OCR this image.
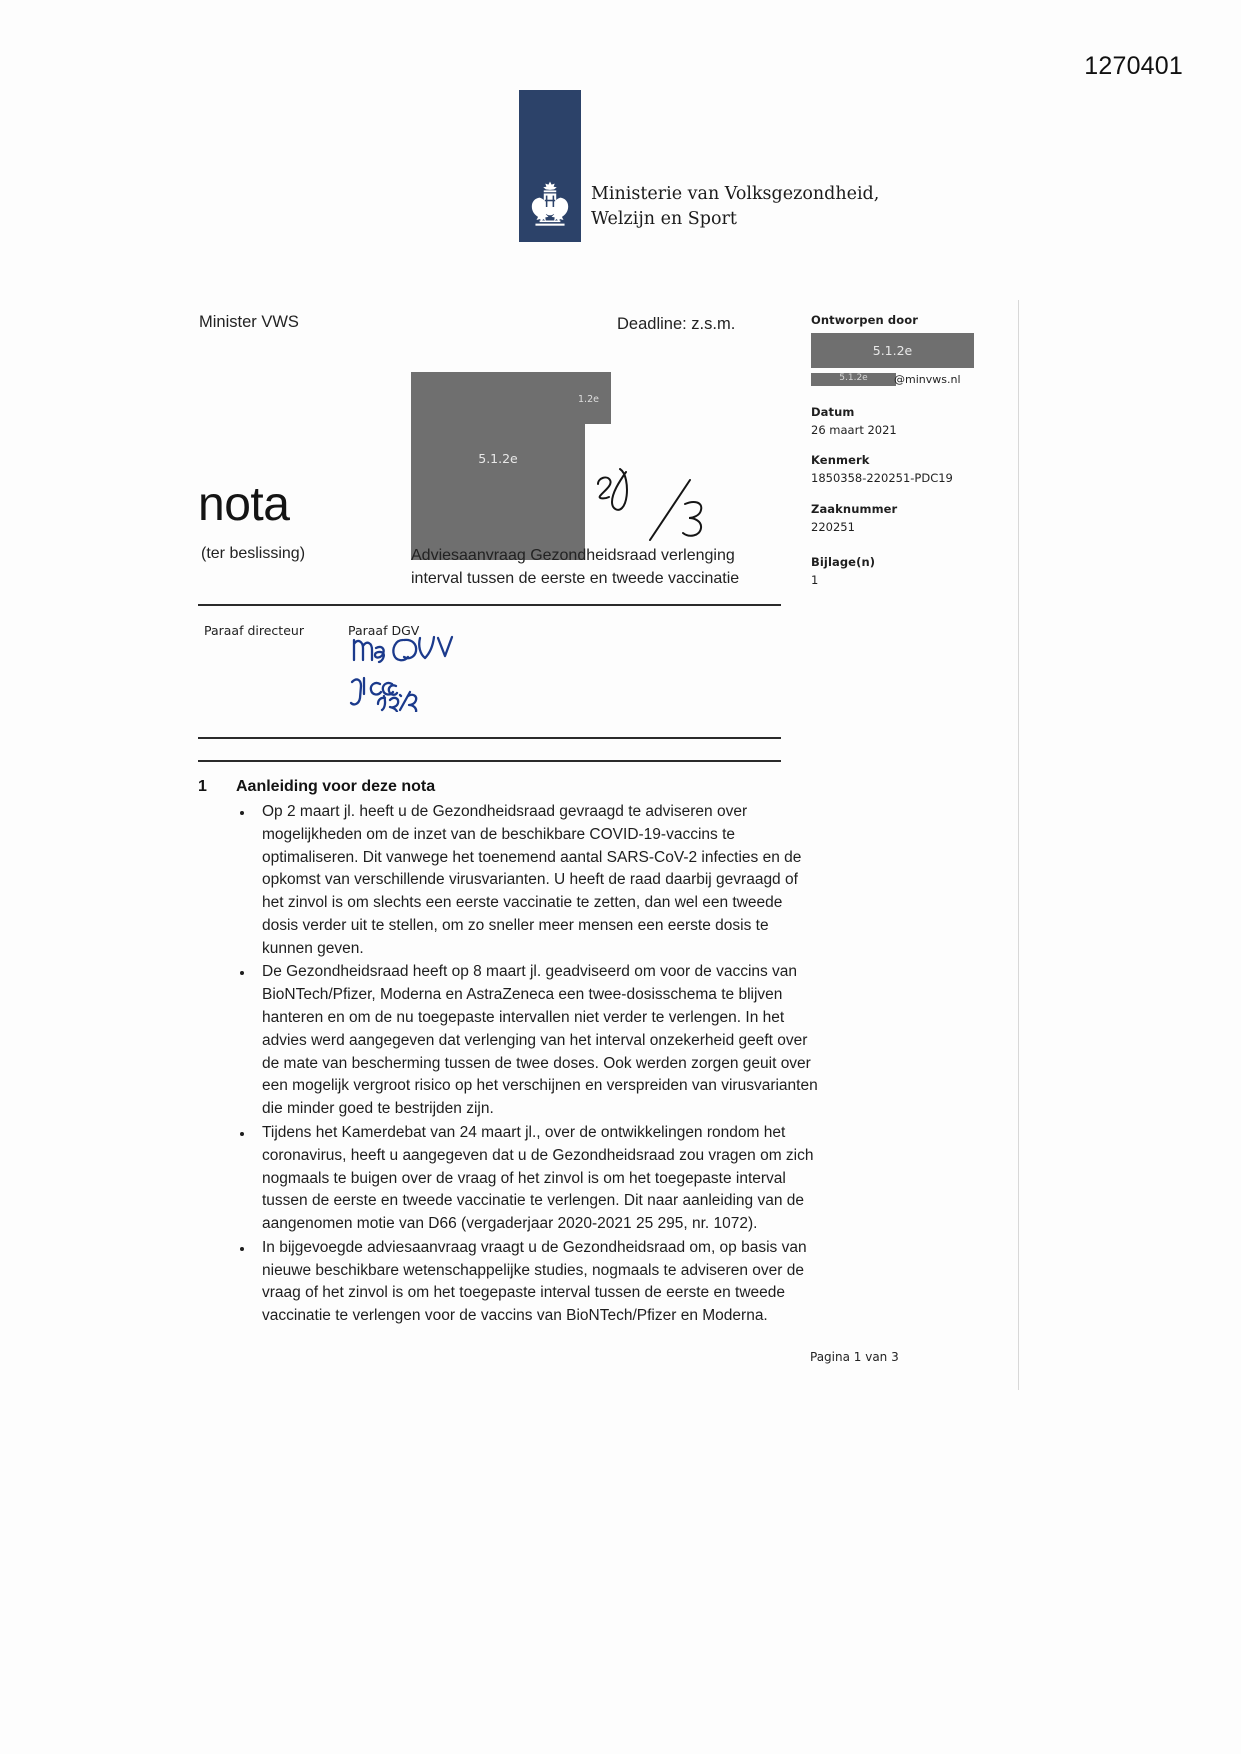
1270401
Ministerie van Volksgezondheid,
Welzijn en Sport
Minister VWS	Deadline: z.s.m.	Ontworpen door
5.1.2e
5.1.2e	@minvws.nl
Datum
26 maart 2021
Kenmerk
1850358-220251-PDC19
Zaaknummer
220251
Bijlage(n)
1
1.2e
5.1.2e
nota
(ter beslissing)	Adviesaanvraag Gezondheidsraad verlenging interval tussen de eerste en tweede vaccinatie
Paraaf directeur	Paraaf DGV
1	Aanleiding voor deze nota
Op 2 maart jl. heeft u de Gezondheidsraad gevraagd te adviseren over mogelijkheden om de inzet van de beschikbare COVID-19-vaccins te optimaliseren. Dit vanwege het toenemend aantal SARS-CoV-2 infecties en de opkomst van verschillende virusvarianten. U heeft de raad daarbij gevraagd of het zinvol is om slechts een eerste vaccinatie te zetten, dan wel een tweede dosis verder uit te stellen, om zo sneller meer mensen een eerste dosis te kunnen geven.
De Gezondheidsraad heeft op 8 maart jl. geadviseerd om voor de vaccins van BioNTech/Pfizer, Moderna en AstraZeneca een twee-dosisschema te blijven hanteren en om de nu toegepaste intervallen niet verder te verlengen. In het advies werd aangegeven dat verlenging van het interval onzekerheid geeft over de mate van bescherming tussen de twee doses. Ook werden zorgen geuit over een mogelijk vergroot risico op het verschijnen en verspreiden van virusvarianten die minder goed te bestrijden zijn.
Tijdens het Kamerdebat van 24 maart jl., over de ontwikkelingen rondom het coronavirus, heeft u aangegeven dat u de Gezondheidsraad zou vragen om zich nogmaals te buigen over de vraag of het zinvol is om het toegepaste interval tussen de eerste en tweede vaccinatie te verlengen. Dit naar aanleiding van de aangenomen motie van D66 (vergaderjaar 2020-2021 25 295, nr. 1072).
In bijgevoegde adviesaanvraag vraagt u de Gezondheidsraad om, op basis van nieuwe beschikbare wetenschappelijke studies, nogmaals te adviseren over de vraag of het zinvol is om het toegepaste interval tussen de eerste en tweede vaccinatie te verlengen voor de vaccins van BioNTech/Pfizer en Moderna.
Pagina 1 van 3
